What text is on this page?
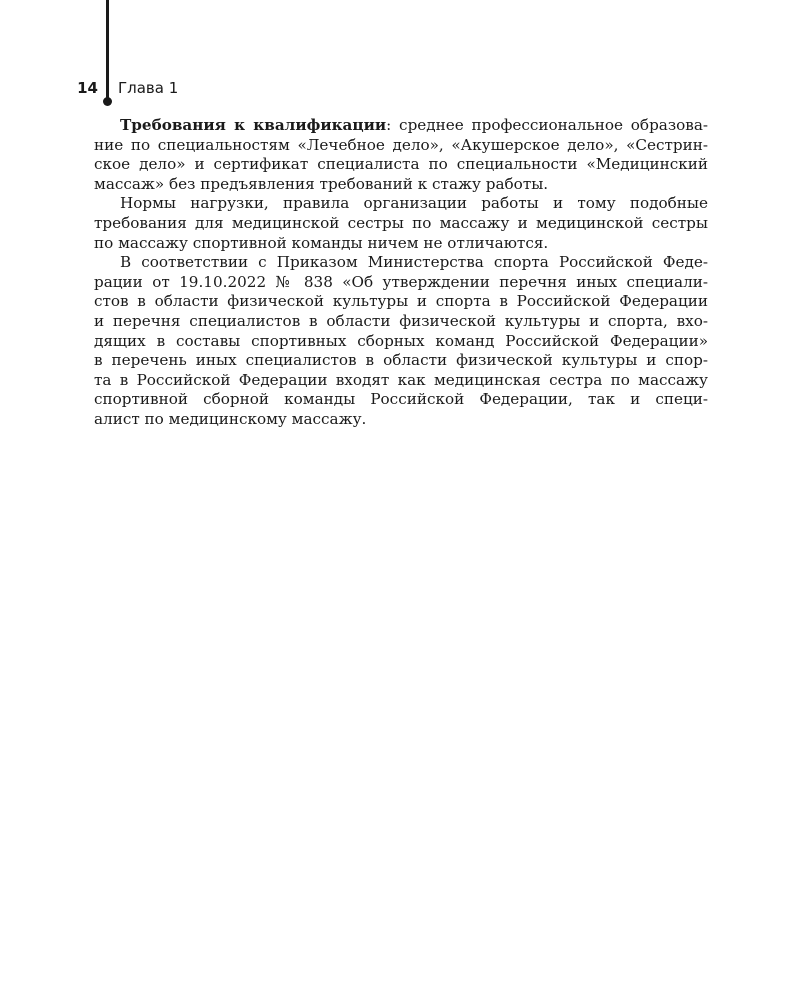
14 Глава 1
Требования к квалификации: среднее профессиональное образова-
ние по специальностям «Лечебное дело», «Акушерское дело», «Сестрин-
ское дело» и сертификат специалиста по специальности «Медицинский
массаж» без предъявления требований к стажу работы.
Нормы нагрузки, правила организации работы и тому подобные
требования для медицинской сестры по массажу и медицинской сестры
по массажу спортивной команды ничем не отличаются.
В соответствии с Приказом Министерства спорта Российской Феде-
рации от 19.10.2022 № 838 «Об утверждении перечня иных специали-
стов в области физической культуры и спорта в Российской Федерации
и перечня специалистов в области физической культуры и спорта, вхо-
дящих в составы спортивных сборных команд Российской Федерации»
в перечень иных специалистов в области физической культуры и спор-
та в Российской Федерации входят как медицинская сестра по массажу
спортивной сборной команды Российской Федерации, так и специ-
алист по медицинскому массажу.
